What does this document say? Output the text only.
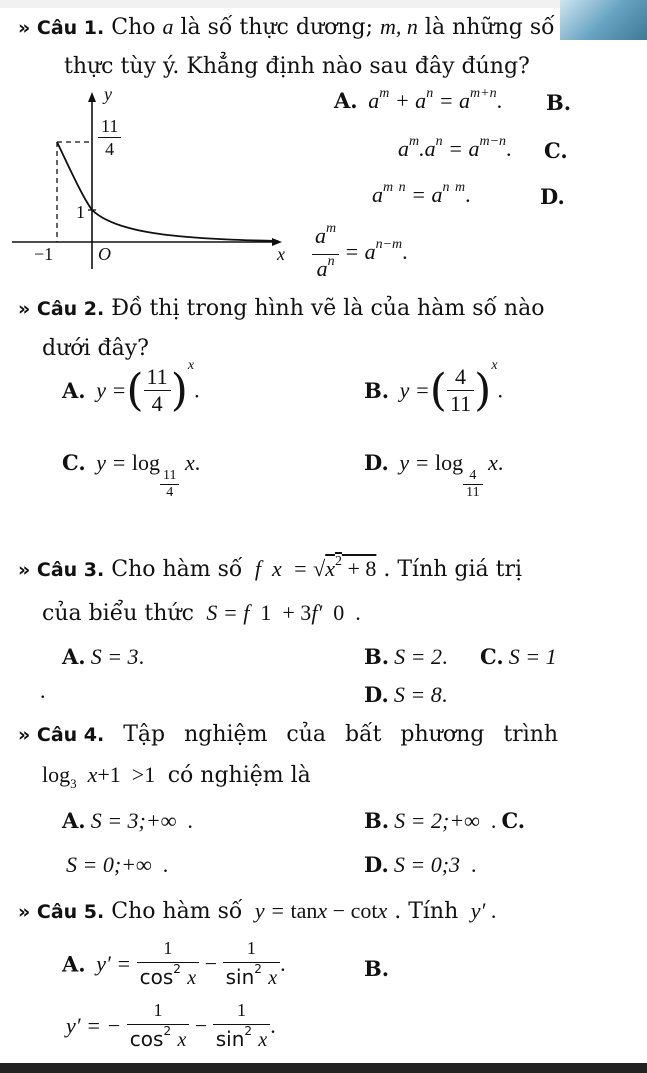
» Câu 1. Cho a là số thực dương; m, n là những số
thực tùy ý. Khẳng định nào sau đây đúng?
y
x
O
1
−1
$\frac{11}{4}$
A.  $a^m + a^n = a^{m+n}$. B.
$a^m.a^n = a^{m-n}$. C.
$a^m$ $^n = a^n$ $^m$.	D.
$\frac{a^m}{a^n} = a^{n-m}$.
» Câu 2. Đồ thị trong hình vẽ là của hàm số nào
dưới đây?
A.  y =( $\frac{11}{4} )x$.	B.  y =( $\frac{4}{11} )x$.
C.  y = log
$\frac{11}{4}$
x.	D.  y = log
$\frac{4}{11}$
x.
» Câu 3. Cho hàm số  f  $x = √x^2 + 8$ . Tính giá trị
của biểu thức  S = f  1  + 3f′  0  .
A. S = 3.	B. S = 2. C. S = 1
.	D. S = 8.
» Câu 4. Tập nghiệm của bất phương trình
$\log_3 x+1 >1$  có nghiệm là
A. S = 3;+∞  .	B. S = 2;+∞  . C.
S = 0;+∞  .	D. S = 0;3  .
» Câu 5. Cho hàm số  y = tanx − cotx . Tính  y′ .
A.  $y' = \frac{1}{\cos^2 x} - \frac{1}{\sin^2 x}$ .	B.
y′ = − $\frac{1}{\cos^2 x} - \frac{1}{\sin^2 x}$ .
